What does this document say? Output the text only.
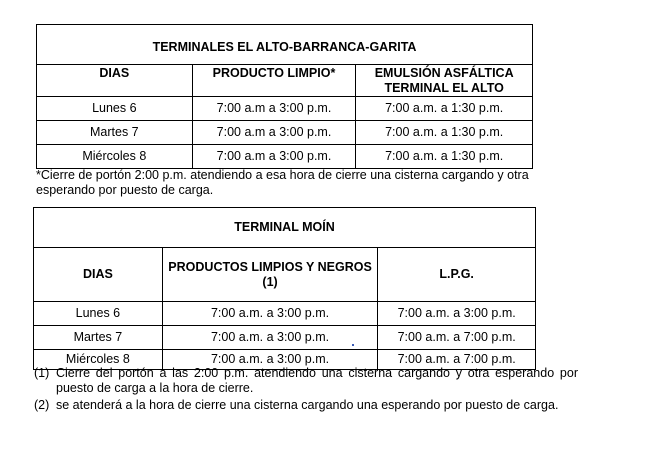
TERMINALES EL ALTO-BARRANCA-GARITA		
DIAS	PRODUCTO LIMPIO*	EMULSIÓN ASFÁLTICA TERMINAL EL ALTO
Lunes 6	7:00 a.m a 3:00 p.m.	7:00 a.m. a 1:30 p.m.
Martes 7	7:00 a.m a 3:00 p.m.	7:00 a.m. a 1:30 p.m.
Miércoles 8	7:00 a.m a 3:00 p.m.	7:00 a.m. a 1:30 p.m.
*Cierre de portón 2:00 p.m. atendiendo a esa hora de cierre una cisterna cargando y otra esperando por puesto de carga.
TERMINAL MOÍN		
DIAS	PRODUCTOS LIMPIOS Y NEGROS (1)	L.P.G.
Lunes 6	7:00 a.m. a 3:00 p.m.	7:00 a.m. a 3:00 p.m.
Martes 7	7:00 a.m. a 3:00 p.m.	7:00 a.m. a 7:00 p.m.
Miércoles 8	7:00 a.m. a 3:00 p.m.	7:00 a.m. a 7:00 p.m.
(1) Cierre del portón a las 2:00 p.m. atendiendo una cisterna cargando y otra esperando por puesto de carga a la hora de cierre.
(2) se atenderá a la hora de cierre una cisterna cargando una esperando por puesto de carga.
